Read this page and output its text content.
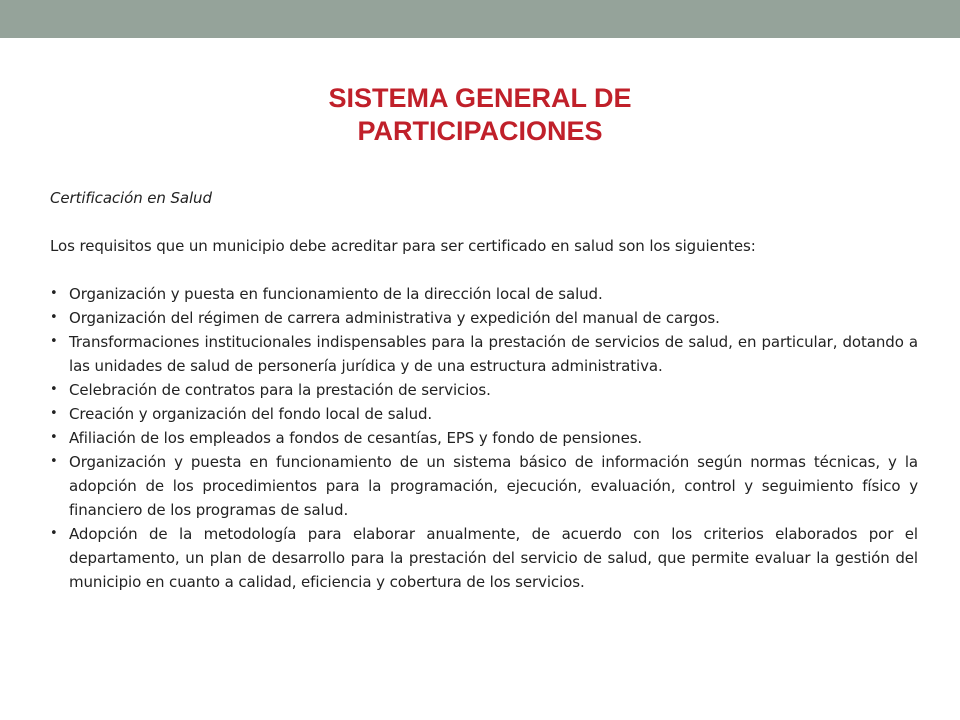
SISTEMA GENERAL DE
PARTICIPACIONES

Certificación en Salud

Los requisitos que un municipio debe acreditar para ser certificado en salud son los siguientes:

• Organización y puesta en funcionamiento de la dirección local de salud.
• Organización del régimen de carrera administrativa y expedición del manual de cargos.
• Transformaciones institucionales indispensables para la prestación de servicios de salud, en particular, dotando a las unidades de salud de personería jurídica y de una estructura administrativa.
• Celebración de contratos para la prestación de servicios.
• Creación y organización del fondo local de salud.
• Afiliación de los empleados a fondos de cesantías, EPS y fondo de pensiones.
• Organización y puesta en funcionamiento de un sistema básico de información según normas técnicas, y la adopción de los procedimientos para la programación, ejecución, evaluación, control y seguimiento físico y financiero de los programas de salud.
• Adopción de la metodología para elaborar anualmente, de acuerdo con los criterios elaborados por el departamento, un plan de desarrollo para la prestación del servicio de salud, que permite evaluar la gestión del municipio en cuanto a calidad, eficiencia y cobertura de los servicios.
